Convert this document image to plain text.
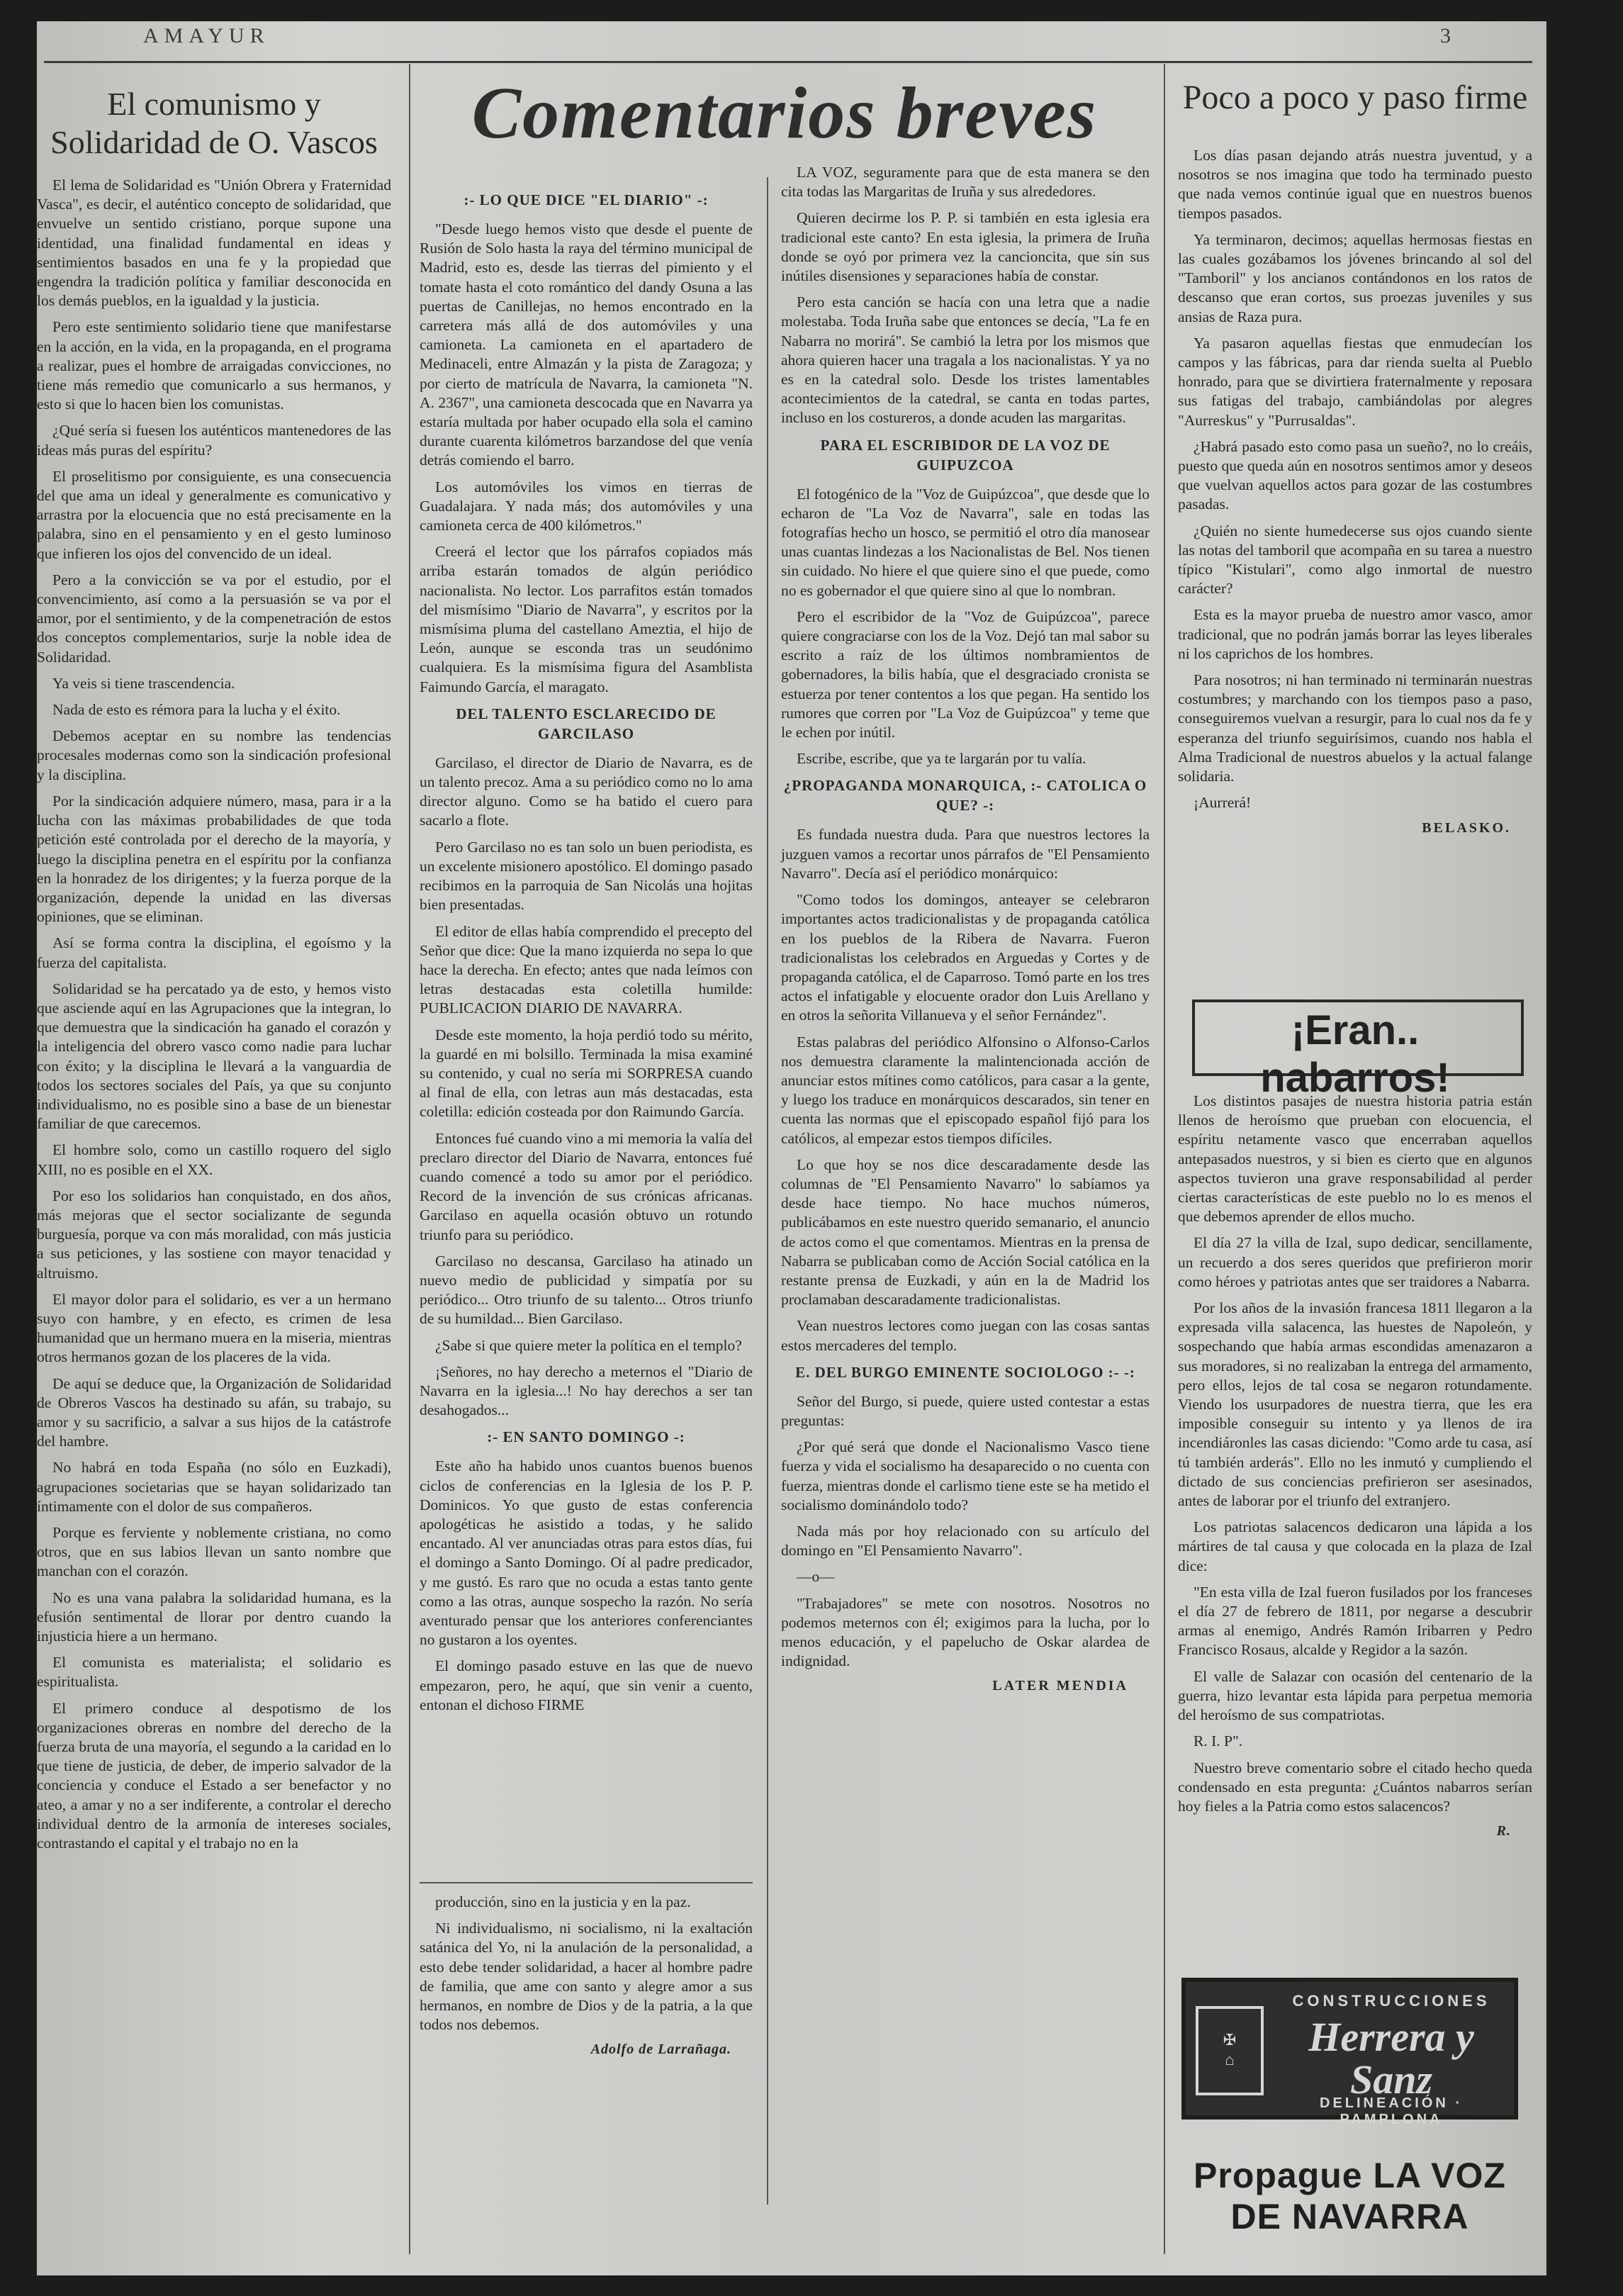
AMAYUR	3
El comunismo y Solidaridad de O. Vascos

El lema de Solidaridad es "Unión Obrera y Fraternidad Vasca", es decir, el auténtico concepto de solidaridad, que envuelve un sentido cristiano, porque supone una identidad, una finalidad fundamental en ideas y sentimientos basados en una fe y la propiedad que engendra la tradición política y familiar desconocida en los demás pueblos, en la igualdad y la justicia.

Pero este sentimiento solidario tiene que manifestarse en la acción, en la vida, en la propaganda, en el programa a realizar, pues el hombre de arraigadas convicciones, no tiene más remedio que comunicarlo a sus hermanos, y esto si que lo hacen bien los comunistas.

¿Qué sería si fuesen los auténticos mantenedores de las ideas más puras del espíritu?

El proselitismo por consiguiente, es una consecuencia del que ama un ideal y generalmente es comunicativo y arrastra por la elocuencia que no está precisamente en la palabra, sino en el pensamiento y en el gesto luminoso que infieren los ojos del convencido de un ideal.

Pero a la convicción se va por el estudio, por el convencimiento, así como a la persuasión se va por el amor, por el sentimiento, y de la compenetración de estos dos conceptos complementarios, surje la noble idea de Solidaridad.

Ya veis si tiene trascendencia.

Nada de esto es rémora para la lucha y el éxito.

Debemos aceptar en su nombre las tendencias procesales modernas como son la sindicación profesional y la disciplina.

Por la sindicación adquiere número, masa, para ir a la lucha con las máximas probabilidades de que toda petición esté controlada por el derecho de la mayoría, y luego la disciplina penetra en el espíritu por la confianza en la honradez de los dirigentes; y la fuerza porque de la organización, depende la unidad en las diversas opiniones, que se eliminan.

Así se forma contra la disciplina, el egoísmo y la fuerza del capitalista.

Solidaridad se ha percatado ya de esto, y hemos visto que asciende aquí en las Agrupaciones que la integran, lo que demuestra que la sindicación ha ganado el corazón y la inteligencia del obrero vasco como nadie para luchar con éxito; y la disciplina le llevará a la vanguardia de todos los sectores sociales del País, ya que su conjunto individualismo, no es posible sino a base de un bienestar familiar de que carecemos.

El hombre solo, como un castillo roquero del siglo XIII, no es posible en el XX.

Por eso los solidarios han conquistado, en dos años, más mejoras que el sector socializante de segunda burguesía, porque va con más moralidad, con más justicia a sus peticiones, y las sostiene con mayor tenacidad y altruismo.

El mayor dolor para el solidario, es ver a un hermano suyo con hambre, y en efecto, es crimen de lesa humanidad que un hermano muera en la miseria, mientras otros hermanos gozan de los placeres de la vida.

De aquí se deduce que, la Organización de Solidaridad de Obreros Vascos ha destinado su afán, su trabajo, su amor y su sacrificio, a salvar a sus hijos de la catástrofe del hambre.

No habrá en toda España (no sólo en Euzkadi), agrupaciones societarias que se hayan solidarizado tan íntimamente con el dolor de sus compañeros.

Porque es ferviente y noblemente cristiana, no como otros, que en sus labios llevan un santo nombre que manchan con el corazón.

No es una vana palabra la solidaridad humana, es la efusión sentimental de llorar por dentro cuando la injusticia hiere a un hermano.

El comunista es materialista; el solidario es espiritualista.

El primero conduce al despotismo de los organizaciones obreras en nombre del derecho de la fuerza bruta de una mayoría, el segundo a la caridad en lo que tiene de justicia, de deber, de imperio salvador de la conciencia y conduce el Estado a ser benefactor y no ateo, a amar y no a ser indiferente, a controlar el derecho individual dentro de la armonía de intereses sociales, contrastando el capital y el trabajo no en la

Comentarios breves
:- LO QUE DICE "EL DIARIO" -:

"Desde luego hemos visto que desde el puente de Rusión de Solo hasta la raya del término municipal de Madrid, esto es, desde las tierras del pimiento y el tomate hasta el coto romántico del dandy Osuna a las puertas de Canillejas, no hemos encontrado en la carretera más allá de dos automóviles y una camioneta. La camioneta en el apartadero de Medinaceli, entre Almazán y la pista de Zaragoza; y por cierto de matrícula de Navarra, la camioneta "N. A. 2367", una camioneta descocada que en Navarra ya estaría multada por haber ocupado ella sola el camino durante cuarenta kilómetros barzandose del que venía detrás comiendo el barro.

Los automóviles los vimos en tierras de Guadalajara. Y nada más; dos automóviles y una camioneta cerca de 400 kilómetros."

Creerá el lector que los párrafos copiados más arriba estarán tomados de algún periódico nacionalista. No lector. Los parrafitos están tomados del mismísimo "Diario de Navarra", y escritos por la mismísima pluma del castellano Ameztia, el hijo de León, aunque se esconda tras un seudónimo cualquiera. Es la mismísima figura del Asamblista Faimundo García, el maragato.

DEL TALENTO ESCLARECIDO DE GARCILASO

Garcilaso, el director de Diario de Navarra, es de un talento precoz. Ama a su periódico como no lo ama director alguno. Como se ha batido el cuero para sacarlo a flote.

Pero Garcilaso no es tan solo un buen periodista, es un excelente misionero apostólico. El domingo pasado recibimos en la parroquia de San Nicolás una hojitas bien presentadas.

El editor de ellas había comprendido el precepto del Señor que dice: Que la mano izquierda no sepa lo que hace la derecha. En efecto; antes que nada leímos con letras destacadas esta coletilla humilde: PUBLICACION DIARIO DE NAVARRA.

Desde este momento, la hoja perdió todo su mérito, la guardé en mi bolsillo. Terminada la misa examiné su contenido, y cual no sería mi SORPRESA cuando al final de ella, con letras aun más destacadas, esta coletilla: edición costeada por don Raimundo García.

Entonces fué cuando vino a mi memoria la valía del preclaro director del Diario de Navarra, entonces fué cuando comencé a todo su amor por el periódico. Record de la invención de sus crónicas africanas. Garcilaso en aquella ocasión obtuvo un rotundo triunfo para su periódico.

Garcilaso no descansa, Garcilaso ha atinado un nuevo medio de publicidad y simpatía por su periódico... Otro triunfo de su talento... Otros triunfo de su humildad... Bien Garcilaso.

¿Sabe si que quiere meter la política en el templo?

¡Señores, no hay derecho a meternos el "Diario de Navarra en la iglesia...! No hay derechos a ser tan desahogados...

:- EN SANTO DOMINGO -:

Este año ha habido unos cuantos buenos buenos ciclos de conferencias en la Iglesia de los P. P. Dominicos. Yo que gusto de estas conferencia apologéticas he asistido a todas, y he salido encantado. Al ver anunciadas otras para estos días, fui el domingo a Santo Domingo. Oí al padre predicador, y me gustó. Es raro que no ocuda a estas tanto gente como a las otras, aunque sospecho la razón. No sería aventurado pensar que los anteriores conferenciantes no gustaron a los oyentes.

El domingo pasado estuve en las que de nuevo empezaron, pero, he aquí, que sin venir a cuento, entonan el dichoso FIRME

producción, sino en la justicia y en la paz.

Ni individualismo, ni socialismo, ni la exaltación satánica del Yo, ni la anulación de la personalidad, a esto debe tender solidaridad, a hacer al hombre padre de familia, que ame con santo y alegre amor a sus hermanos, en nombre de Dios y de la patria, a la que todos nos debemos.

Adolfo de Larrañaga.

LA VOZ, seguramente para que de esta manera se den cita todas las Margaritas de Iruña y sus alrededores.

Quieren decirme los P. P. si también en esta iglesia era tradicional este canto? En esta iglesia, la primera de Iruña donde se oyó por primera vez la cancioncita, que sin sus inútiles disensiones y separaciones había de constar.

Pero esta canción se hacía con una letra que a nadie molestaba. Toda Iruña sabe que entonces se decía, "La fe en Nabarra no morirá". Se cambió la letra por los mismos que ahora quieren hacer una tragala a los nacionalistas. Y ya no es en la catedral solo. Desde los tristes lamentables acontecimientos de la catedral, se canta en todas partes, incluso en los costureros, a donde acuden las margaritas.

PARA EL ESCRIBIDOR DE LA VOZ DE GUIPUZCOA

El fotogénico de la "Voz de Guipúzcoa", que desde que lo echaron de "La Voz de Navarra", sale en todas las fotografías hecho un hosco, se permitió el otro día manosear unas cuantas lindezas a los Nacionalistas de Bel. Nos tienen sin cuidado. No hiere el que quiere sino el que puede, como no es gobernador el que quiere sino al que lo nombran.

Pero el escribidor de la "Voz de Guipúzcoa", parece quiere congraciarse con los de la Voz. Dejó tan mal sabor su escrito a raíz de los últimos nombramientos de gobernadores, la bilis había, que el desgraciado cronista se estuerza por tener contentos a los que pegan. Ha sentido los rumores que corren por "La Voz de Guipúzcoa" y teme que le echen por inútil.

Escribe, escribe, que ya te largarán por tu valía.

¿PROPAGANDA MONARQUICA, :- CATOLICA O QUE? -:

Es fundada nuestra duda. Para que nuestros lectores la juzguen vamos a recortar unos párrafos de "El Pensamiento Navarro". Decía así el periódico monárquico:

"Como todos los domingos, anteayer se celebraron importantes actos tradicionalistas y de propaganda católica en los pueblos de la Ribera de Navarra. Fueron tradicionalistas los celebrados en Arguedas y Cortes y de propaganda católica, el de Caparroso. Tomó parte en los tres actos el infatigable y elocuente orador don Luis Arellano y en otros la señorita Villanueva y el señor Fernández".

Estas palabras del periódico Alfonsino o Alfonso-Carlos nos demuestra claramente la malintencionada acción de anunciar estos mítines como católicos, para casar a la gente, y luego los traduce en monárquicos descarados, sin tener en cuenta las normas que el episcopado español fijó para los católicos, al empezar estos tiempos difíciles.

Lo que hoy se nos dice descaradamente desde las columnas de "El Pensamiento Navarro" lo sabíamos ya desde hace tiempo. No hace muchos números, publicábamos en este nuestro querido semanario, el anuncio de actos como el que comentamos. Mientras en la prensa de Nabarra se publicaban como de Acción Social católica en la restante prensa de Euzkadi, y aún en la de Madrid los proclamaban descaradamente tradicionalistas.

Vean nuestros lectores como juegan con las cosas santas estos mercaderes del templo.

E. DEL BURGO EMINENTE SOCIOLOGO :- -:

Señor del Burgo, si puede, quiere usted contestar a estas preguntas:

¿Por qué será que donde el Nacionalismo Vasco tiene fuerza y vida el socialismo ha desaparecido o no cuenta con fuerza, mientras donde el carlismo tiene este se ha metido el socialismo dominándolo todo?

Nada más por hoy relacionado con su artículo del domingo en "El Pensamiento Navarro".

—o—

"Trabajadores" se mete con nosotros. Nosotros no podemos meternos con él; exigimos para la lucha, por lo menos educación, y el papelucho de Oskar alardea de indignidad.

LATER MENDIA
Poco a poco y paso firme

Los días pasan dejando atrás nuestra juventud, y a nosotros se nos imagina que todo ha terminado puesto que nada vemos continúe igual que en nuestros buenos tiempos pasados.

Ya terminaron, decimos; aquellas hermosas fiestas en las cuales gozábamos los jóvenes brincando al sol del "Tamboril" y los ancianos contándonos en los ratos de descanso que eran cortos, sus proezas juveniles y sus ansias de Raza pura.

Ya pasaron aquellas fiestas que enmudecían los campos y las fábricas, para dar rienda suelta al Pueblo honrado, para que se divirtiera fraternalmente y reposara sus fatigas del trabajo, cambiándolas por alegres "Aurreskus" y "Purrusaldas".

¿Habrá pasado esto como pasa un sueño?, no lo creáis, puesto que queda aún en nosotros sentimos amor y deseos que vuelvan aquellos actos para gozar de las costumbres pasadas.

¿Quién no siente humedecerse sus ojos cuando siente las notas del tamboril que acompaña en su tarea a nuestro típico "Kistulari", como algo inmortal de nuestro carácter?

Esta es la mayor prueba de nuestro amor vasco, amor tradicional, que no podrán jamás borrar las leyes liberales ni los caprichos de los hombres.

Para nosotros; ni han terminado ni terminarán nuestras costumbres; y marchando con los tiempos paso a paso, conseguiremos vuelvan a resurgir, para lo cual nos da fe y esperanza del triunfo seguirísimos, cuando nos habla el Alma Tradicional de nuestros abuelos y la actual falange solidaria.

¡Aurrerá!

BELASKO.
¡Eran.. nabarros!

Los distintos pasajes de nuestra historia patria están llenos de heroísmo que prueban con elocuencia, el espíritu netamente vasco que encerraban aquellos antepasados nuestros, y si bien es cierto que en algunos aspectos tuvieron una grave responsabilidad al perder ciertas características de este pueblo no lo es menos el que debemos aprender de ellos mucho.

El día 27 la villa de Izal, supo dedicar, sencillamente, un recuerdo a dos seres queridos que prefirieron morir como héroes y patriotas antes que ser traidores a Nabarra.

Por los años de la invasión francesa 1811 llegaron a la expresada villa salacenca, las huestes de Napoleón, y sospechando que había armas escondidas amenazaron a sus moradores, si no realizaban la entrega del armamento, pero ellos, lejos de tal cosa se negaron rotundamente. Viendo los usurpadores de nuestra tierra, que les era imposible conseguir su intento y ya llenos de ira incendiáronles las casas diciendo: "Como arde tu casa, así tú también arderás". Ello no les inmutó y cumpliendo el dictado de sus conciencias prefirieron ser asesinados, antes de laborar por el triunfo del extranjero.

Los patriotas salacencos dedicaron una lápida a los mártires de tal causa y que colocada en la plaza de Izal dice:

"En esta villa de Izal fueron fusilados por los franceses el día 27 de febrero de 1811, por negarse a descubrir armas al enemigo, Andrés Ramón Iribarren y Pedro Francisco Rosaus, alcalde y Regidor a la sazón.

El valle de Salazar con ocasión del centenario de la guerra, hizo levantar esta lápida para perpetua memoria del heroísmo de sus compatriotas.

R. I. P".

Nuestro breve comentario sobre el citado hecho queda condensado en esta pregunta: ¿Cuántos nabarros serían hoy fieles a la Patria como estos salacencos?

R.
✠
⌂
CONSTRUCCIONES
Herrera y Sanz
DELINEACIÓN · PAMPLONA
Propague LA VOZ DE NAVARRA
